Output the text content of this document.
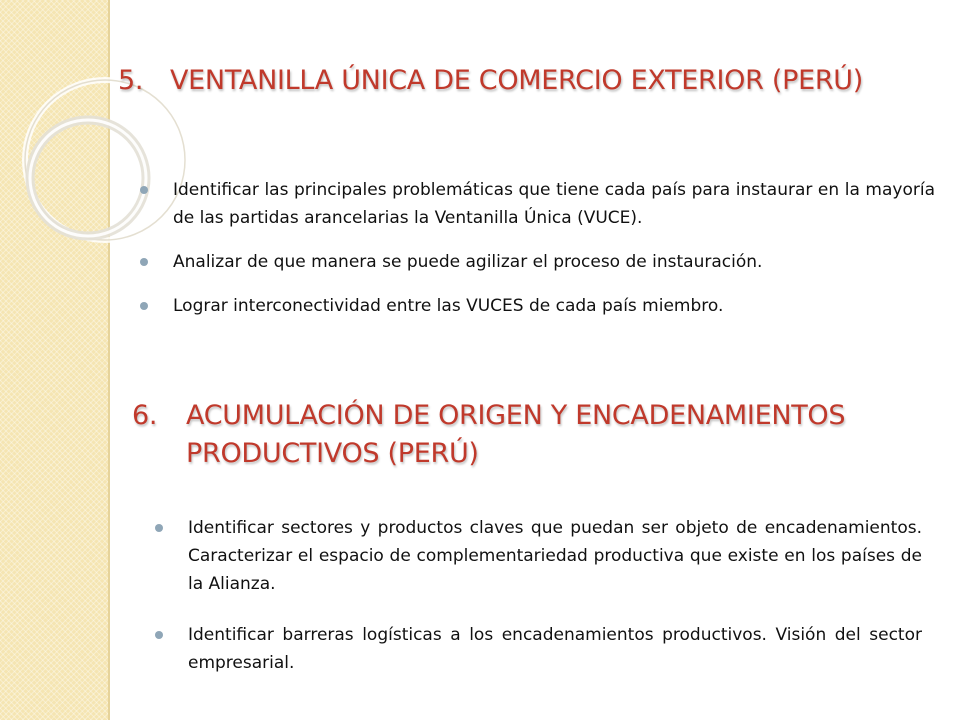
5. VENTANILLA ÚNICA DE COMERCIO EXTERIOR (PERÚ)
Identificar las principales problemáticas que tiene cada país para instaurar en la mayoría de las partidas arancelarias la Ventanilla Única (VUCE).
Analizar de que manera se puede agilizar el proceso de instauración.
Lograr interconectividad entre las VUCES de cada país miembro.
6.	ACUMULACIÓN DE ORIGEN Y ENCADENAMIENTOS PRODUCTIVOS (PERÚ)
Identificar sectores y productos claves que puedan ser objeto de encadenamientos. Caracterizar el espacio de complementariedad productiva que existe en los países de la Alianza.
Identificar barreras logísticas a los encadenamientos productivos. Visión del sector empresarial.
